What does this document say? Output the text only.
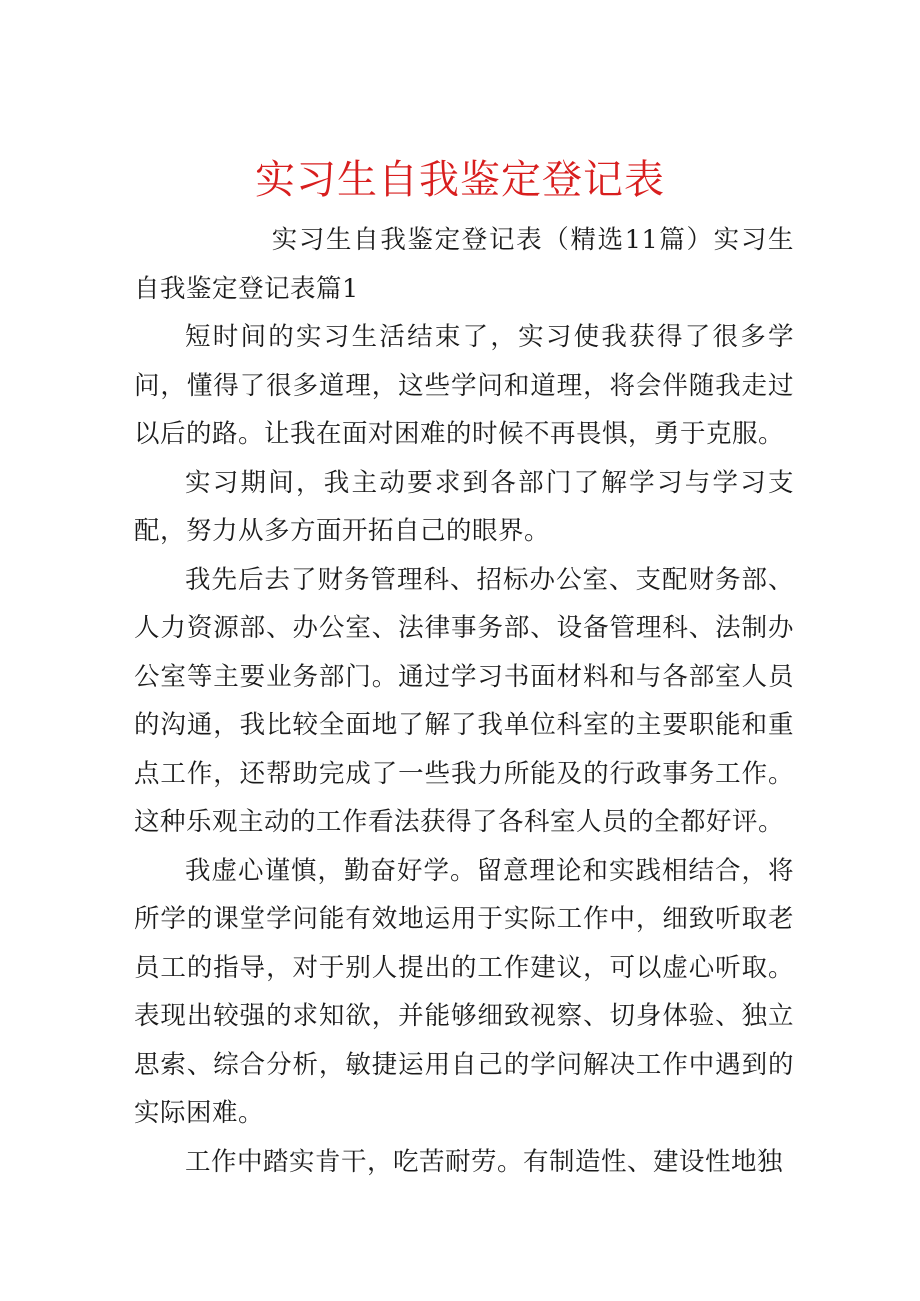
实习生自我鉴定登记表

实习生自我鉴定登记表（精选11篇）实习生自我鉴定登记表篇1

短时间的实习生活结束了，实习使我获得了很多学问，懂得了很多道理，这些学问和道理，将会伴随我走过以后的路。让我在面对困难的时候不再畏惧，勇于克服。

实习期间，我主动要求到各部门了解学习与学习支配，努力从多方面开拓自己的眼界。

我先后去了财务管理科、招标办公室、支配财务部、人力资源部、办公室、法律事务部、设备管理科、法制办公室等主要业务部门。通过学习书面材料和与各部室人员的沟通，我比较全面地了解了我单位科室的主要职能和重点工作，还帮助完成了一些我力所能及的行政事务工作。这种乐观主动的工作看法获得了各科室人员的全都好评。

我虚心谨慎，勤奋好学。留意理论和实践相结合，将所学的课堂学问能有效地运用于实际工作中，细致听取老员工的指导，对于别人提出的工作建议，可以虚心听取。表现出较强的求知欲，并能够细致视察、切身体验、独立思索、综合分析，敏捷运用自己的学问解决工作中遇到的实际困难。

工作中踏实肯干，吃苦耐劳。有制造性、建设性地独
